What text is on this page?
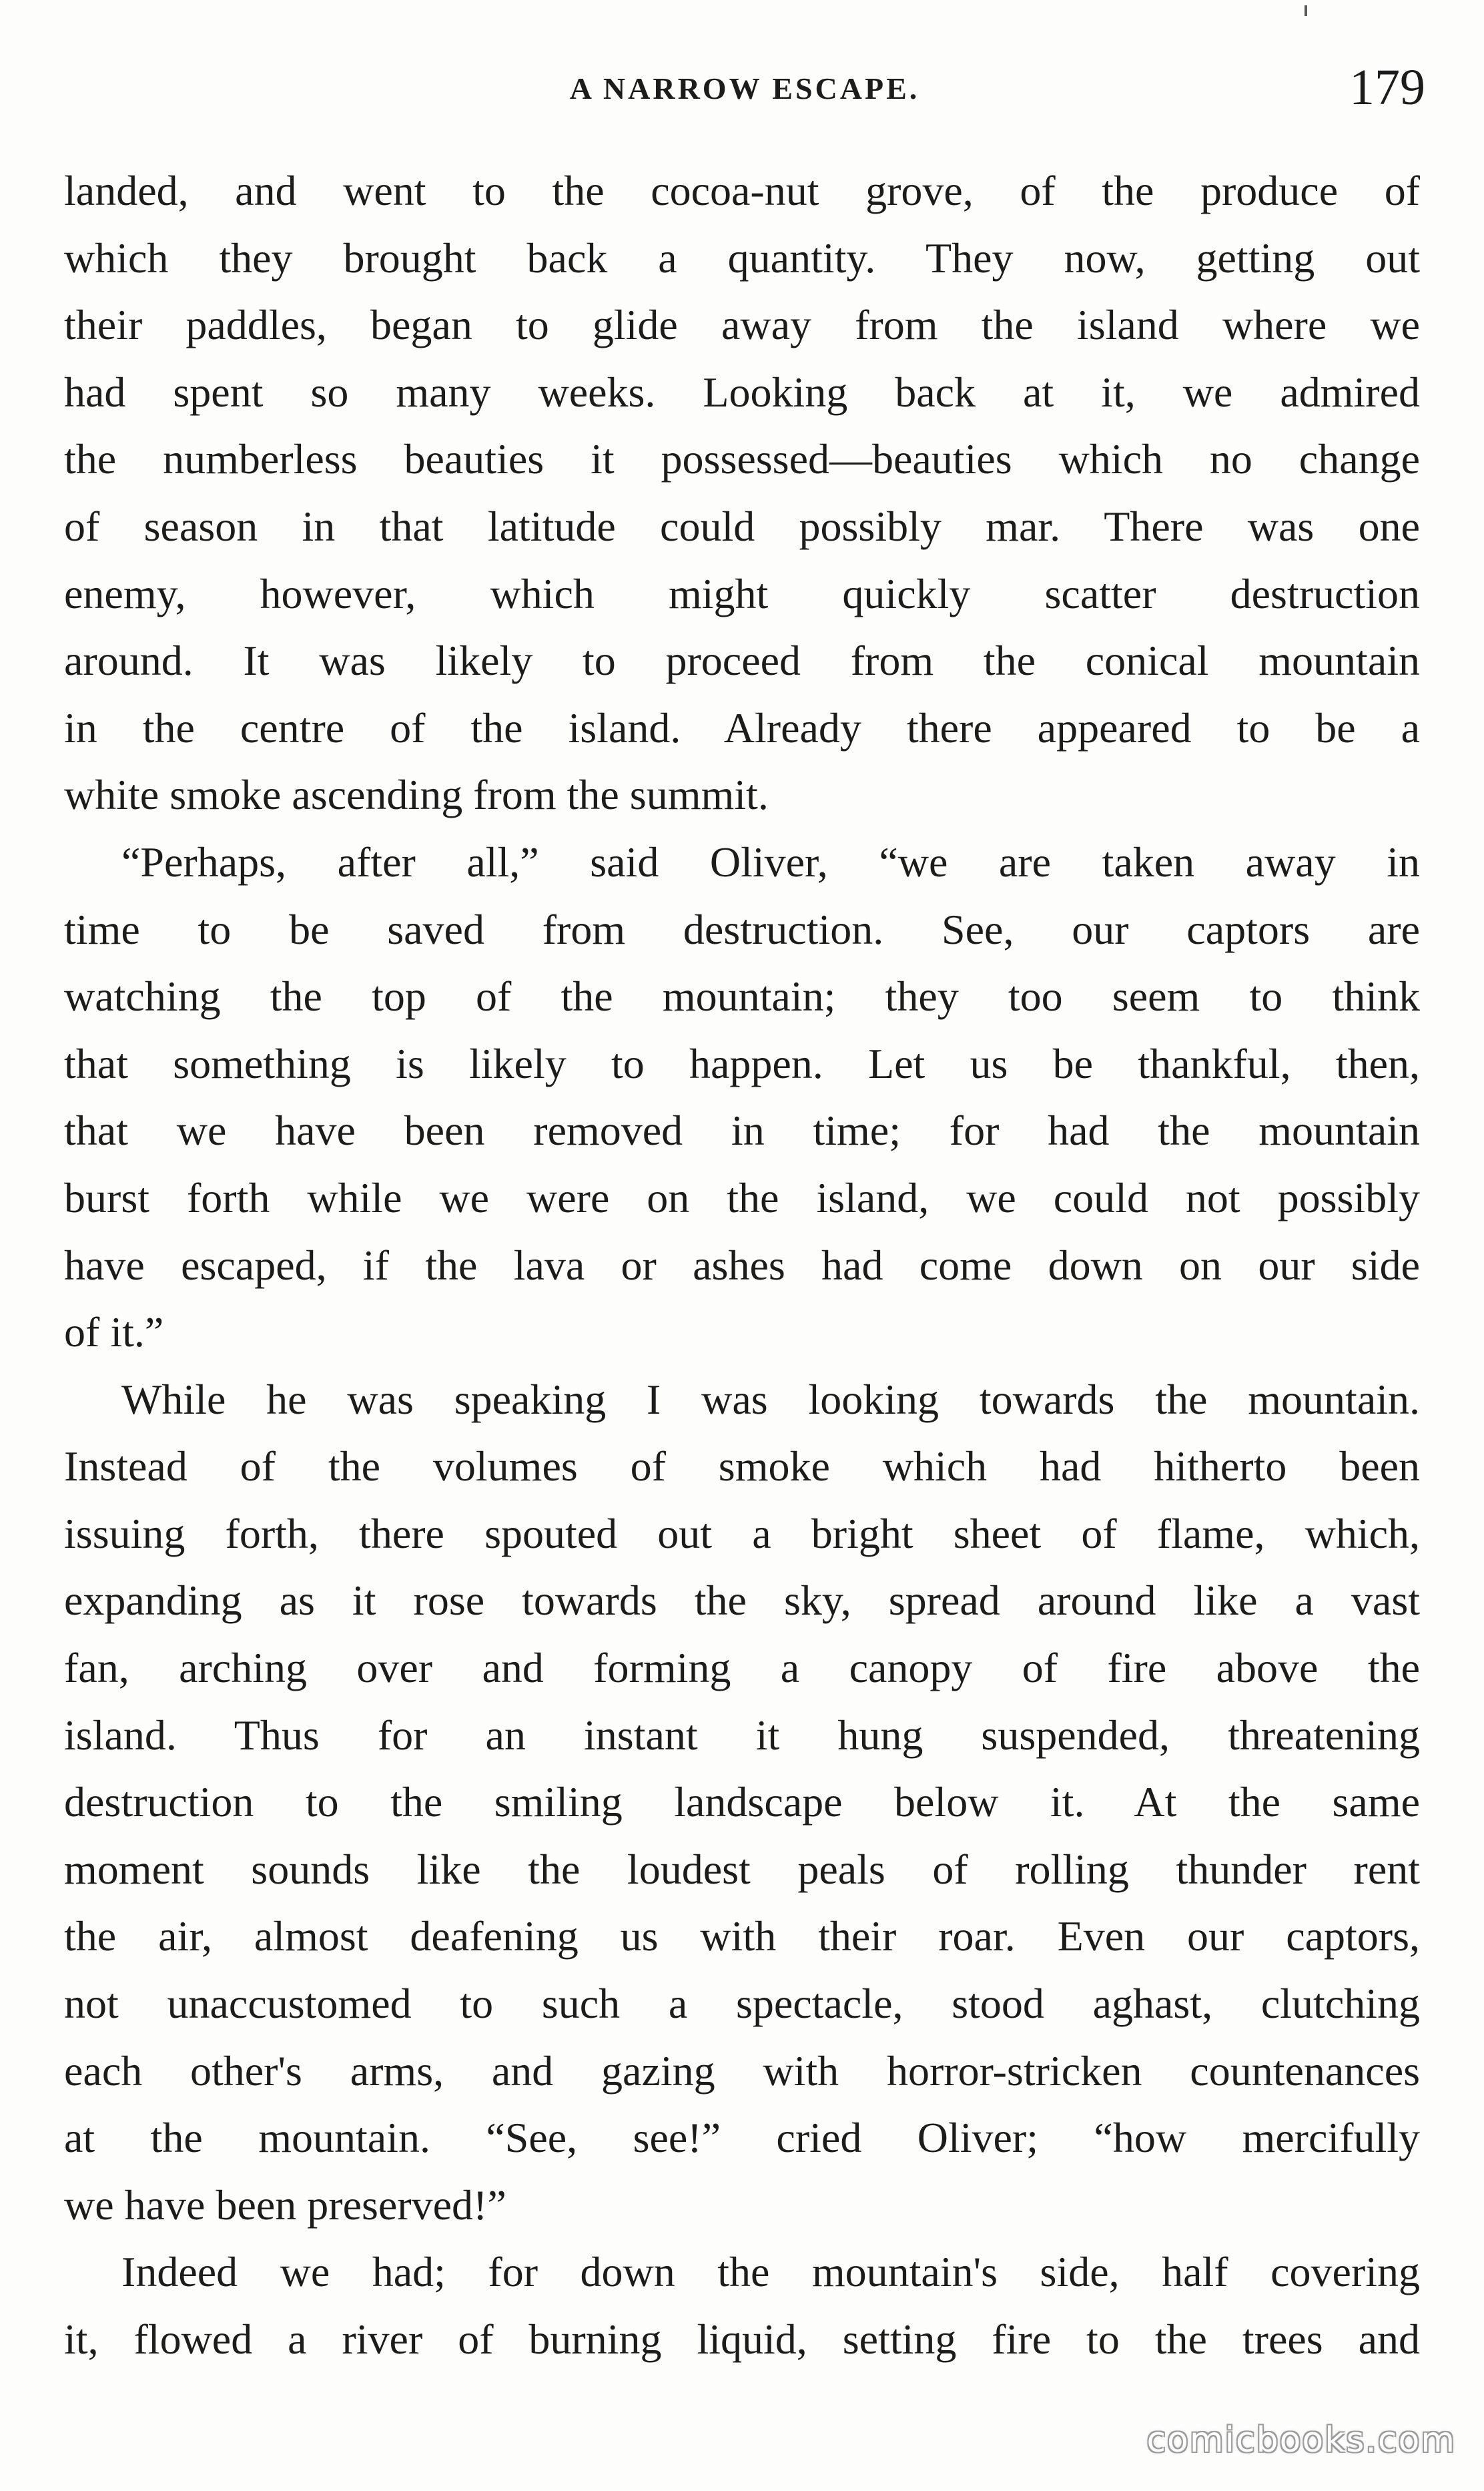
A NARROW ESCAPE.	179
landed, and went to the cocoa-nut grove, of the produce of
which they brought back a quantity. They now, getting out
their paddles, began to glide away from the island where we
had spent so many weeks. Looking back at it, we admired
the numberless beauties it possessed—beauties which no change
of season in that latitude could possibly mar. There was one
enemy, however, which might quickly scatter destruction
around. It was likely to proceed from the conical mountain
in the centre of the island. Already there appeared to be a
white smoke ascending from the summit.
“Perhaps, after all,” said Oliver, “we are taken away in
time to be saved from destruction. See, our captors are
watching the top of the mountain; they too seem to think
that something is likely to happen. Let us be thankful, then,
that we have been removed in time; for had the mountain
burst forth while we were on the island, we could not possibly
have escaped, if the lava or ashes had come down on our side
of it.”
While he was speaking I was looking towards the mountain.
Instead of the volumes of smoke which had hitherto been
issuing forth, there spouted out a bright sheet of flame, which,
expanding as it rose towards the sky, spread around like a vast
fan, arching over and forming a canopy of fire above the
island. Thus for an instant it hung suspended, threatening
destruction to the smiling landscape below it. At the same
moment sounds like the loudest peals of rolling thunder rent
the air, almost deafening us with their roar. Even our captors,
not unaccustomed to such a spectacle, stood aghast, clutching
each other's arms, and gazing with horror-stricken countenances
at the mountain. “See, see!” cried Oliver; “how mercifully
we have been preserved!”
Indeed we had; for down the mountain's side, half covering
it, flowed a river of burning liquid, setting fire to the trees and
comicbooks.com
